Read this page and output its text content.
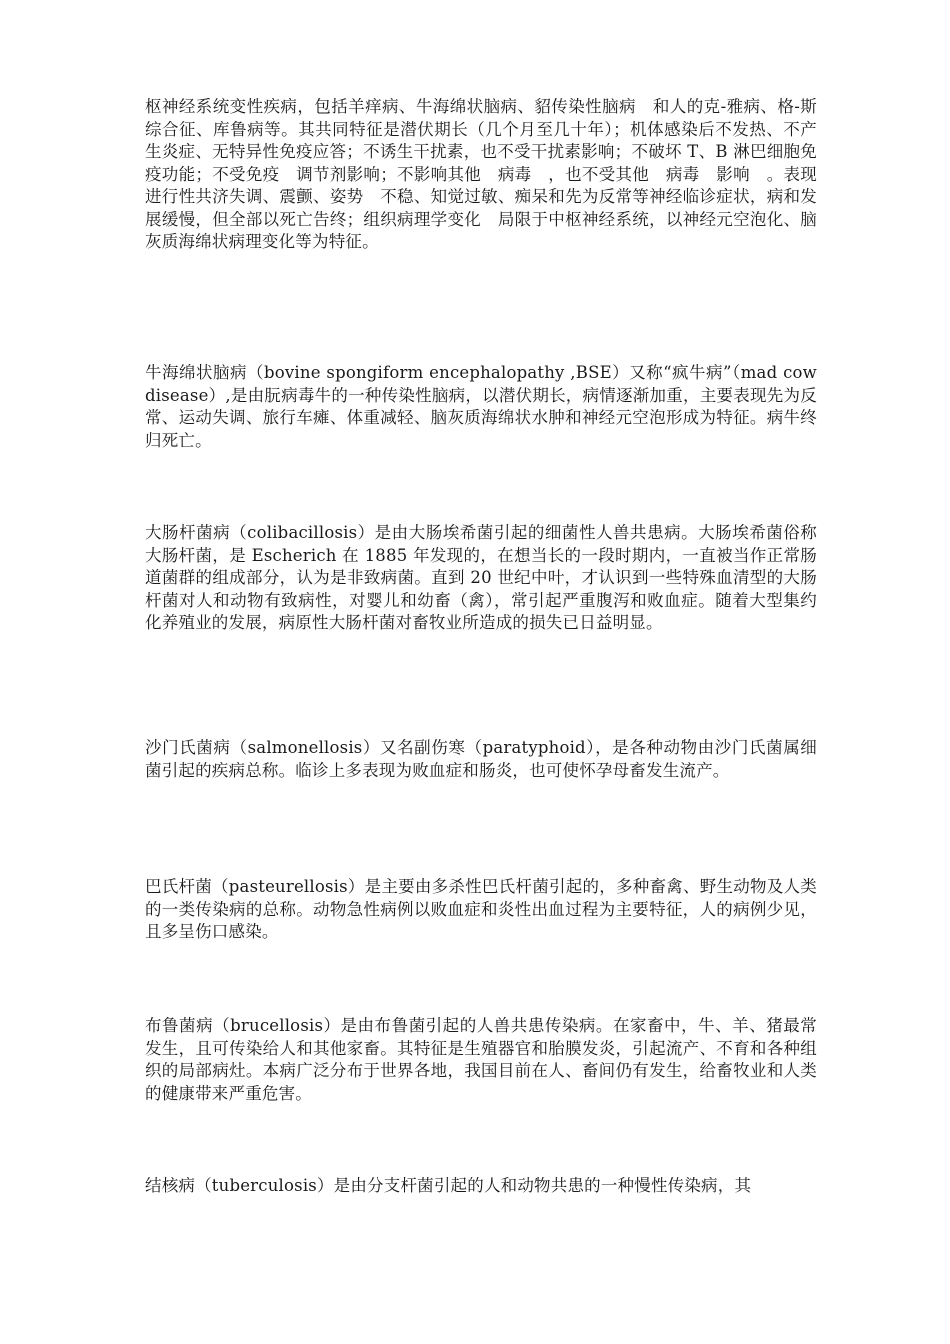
枢神经系统变性疾病，包括羊痒病、牛海绵状脑病、貂传染性脑病　和人的克-雅病、格-斯综合征、库鲁病等。其共同特征是潜伏期长（几个月至几十年）；机体感染后不发热、不产生炎症、无特异性免疫应答；不诱生干扰素，也不受干扰素影响；不破坏 T、B 淋巴细胞免疫功能；不受免疫　调节剂影响；不影响其他　病毒　，也不受其他　病毒　影响　。表现进行性共济失调、震颤、姿势　不稳、知觉过敏、痴呆和先为反常等神经临诊症状，病和发展缓慢，但全部以死亡告终；组织病理学变化　局限于中枢神经系统，以神经元空泡化、脑灰质海绵状病理变化等为特征。

牛海绵状脑病（bovine spongiform encephalopathy ,BSE）又称“疯牛病”（mad cow disease）,是由朊病毒牛的一种传染性脑病，以潜伏期长，病情逐渐加重，主要表现先为反常、运动失调、旅行车瘫、体重减轻、脑灰质海绵状水肿和神经元空泡形成为特征。病牛终归死亡。

大肠杆菌病（colibacillosis）是由大肠埃希菌引起的细菌性人兽共患病。大肠埃希菌俗称大肠杆菌，是 Escherich 在 1885 年发现的，在想当长的一段时期内，一直被当作正常肠道菌群的组成部分，认为是非致病菌。直到 20 世纪中叶，才认识到一些特殊血清型的大肠杆菌对人和动物有致病性，对婴儿和幼畜（禽），常引起严重腹泻和败血症。随着大型集约化养殖业的发展，病原性大肠杆菌对畜牧业所造成的损失已日益明显。

沙门氏菌病（salmonellosis）又名副伤寒（paratyphoid），是各种动物由沙门氏菌属细菌引起的疾病总称。临诊上多表现为败血症和肠炎，也可使怀孕母畜发生流产。

巴氏杆菌（pasteurellosis）是主要由多杀性巴氏杆菌引起的，多种畜禽、野生动物及人类的一类传染病的总称。动物急性病例以败血症和炎性出血过程为主要特征，人的病例少见，且多呈伤口感染。

布鲁菌病（brucellosis）是由布鲁菌引起的人兽共患传染病。在家畜中，牛、羊、猪最常发生，且可传染给人和其他家畜。其特征是生殖器官和胎膜发炎，引起流产、不育和各种组织的局部病灶。本病广泛分布于世界各地，我国目前在人、畜间仍有发生，给畜牧业和人类的健康带来严重危害。

结核病（tuberculosis）是由分支杆菌引起的人和动物共患的一种慢性传染病，其
